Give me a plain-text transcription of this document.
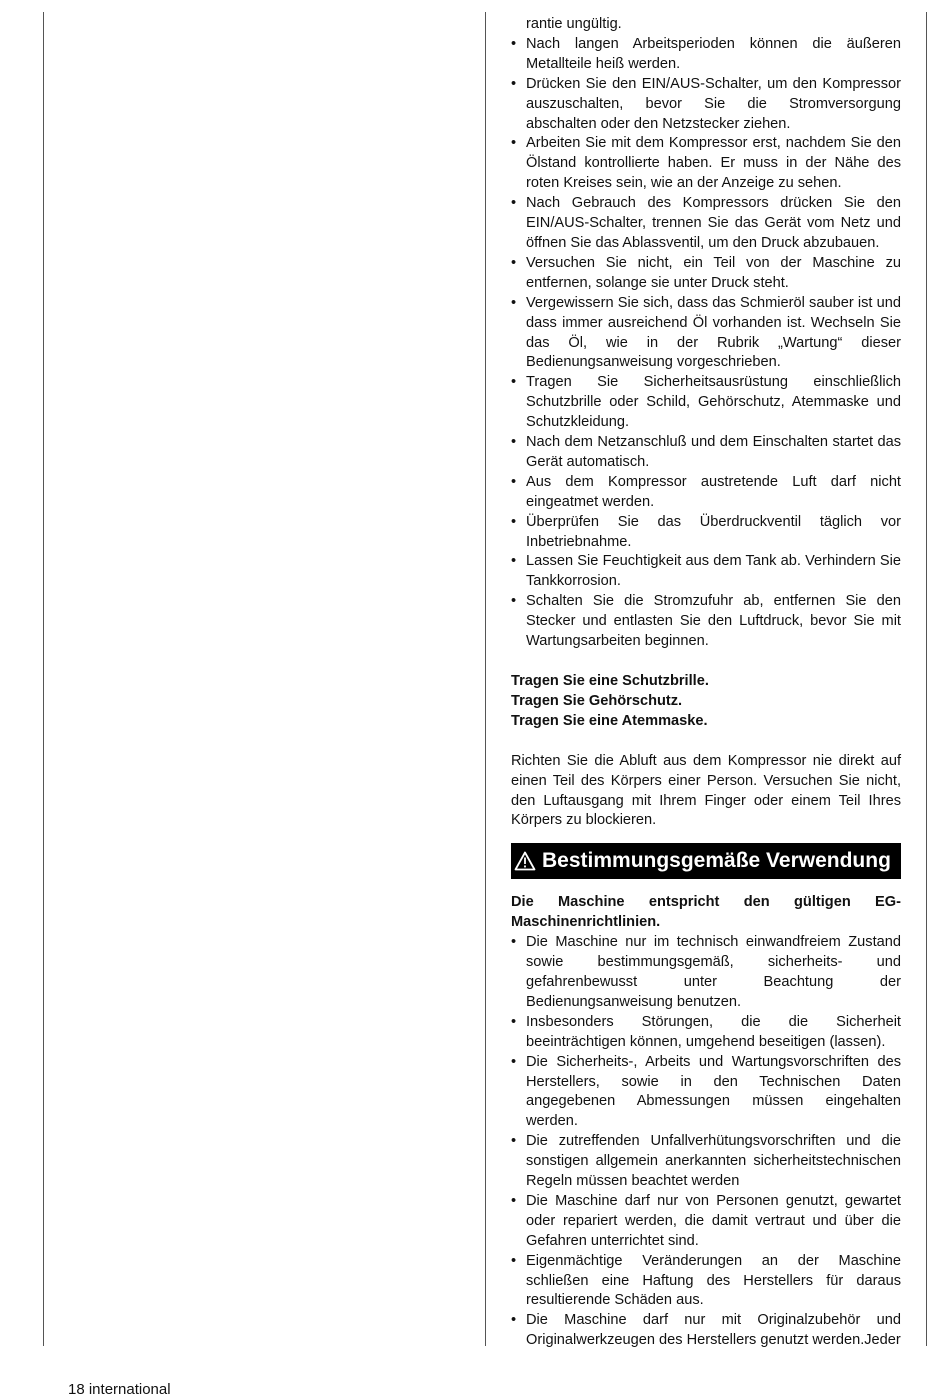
rantie ungültig.
• Nach langen Arbeitsperioden können die äußeren Metallteile heiß werden.
• Drücken Sie den EIN/AUS-Schalter, um den Kompressor auszuschalten, bevor Sie die Stromversorgung abschalten oder den Netzstecker ziehen.
• Arbeiten Sie mit dem Kompressor erst, nachdem Sie den Ölstand kontrollierte haben. Er muss in der Nähe des roten Kreises sein, wie an der Anzeige zu sehen.
• Nach Gebrauch des Kompressors drücken Sie den EIN/AUS-Schalter, trennen Sie das Gerät vom Netz und öffnen Sie das Ablassventil, um den Druck abzubauen.
• Versuchen Sie nicht, ein Teil von der Maschine zu entfernen, solange sie unter Druck steht.
• Vergewissern Sie sich, dass das Schmieröl sauber ist und dass immer ausreichend Öl vorhanden ist. Wechseln Sie das Öl, wie in der Rubrik „Wartung“ dieser Bedienungsanweisung vorgeschrieben.
• Tragen Sie Sicherheitsausrüstung einschließlich Schutzbrille oder Schild, Gehörschutz, Atemmaske und Schutzkleidung.
• Nach dem Netzanschluß und dem Einschalten startet das Gerät automatisch.
• Aus dem Kompressor austretende Luft darf nicht eingeatmet werden.
• Überprüfen Sie das Überdruckventil täglich vor Inbetriebnahme.
• Lassen Sie Feuchtigkeit aus dem Tank ab. Verhindern Sie Tankkorrosion.
• Schalten Sie die Stromzufuhr ab, entfernen Sie den Stecker und entlasten Sie den Luftdruck, bevor Sie mit Wartungsarbeiten beginnen.
Tragen Sie eine Schutzbrille.
Tragen Sie Gehörschutz.
Tragen Sie eine Atemmaske.
Richten Sie die Abluft aus dem Kompressor nie direkt auf einen Teil des Körpers einer Person. Versuchen Sie nicht, den Luftausgang mit Ihrem Finger oder einem Teil Ihres Körpers zu blockieren.
Bestimmungsgemäße Verwendung
Die Maschine entspricht den gültigen EG-Maschinenrichtlinien.
• Die Maschine nur im technisch einwandfreiem Zustand sowie bestimmungsgemäß, sicherheits- und gefahrenbewusst unter Beachtung der Bedienungsanweisung benutzen.
• Insbesonders Störungen, die die Sicherheit beeinträchtigen können, umgehend beseitigen (lassen).
• Die Sicherheits-, Arbeits und Wartungsvorschriften des Herstellers, sowie in den Technischen Daten angegebenen Abmessungen müssen eingehalten werden.
• Die zutreffenden Unfallverhütungsvorschriften und die sonstigen allgemein anerkannten sicherheitstechnischen Regeln müssen beachtet werden
• Die Maschine darf nur von Personen genutzt, gewartet oder repariert werden, die damit vertraut und über die Gefahren unterrichtet sind.
• Eigenmächtige Veränderungen an der Maschine schließen eine Haftung des Herstellers für daraus resultierende Schäden aus.
• Die Maschine darf nur mit Originalzubehör und Originalwerkzeugen des Herstellers genutzt werden.Jeder
18 international
